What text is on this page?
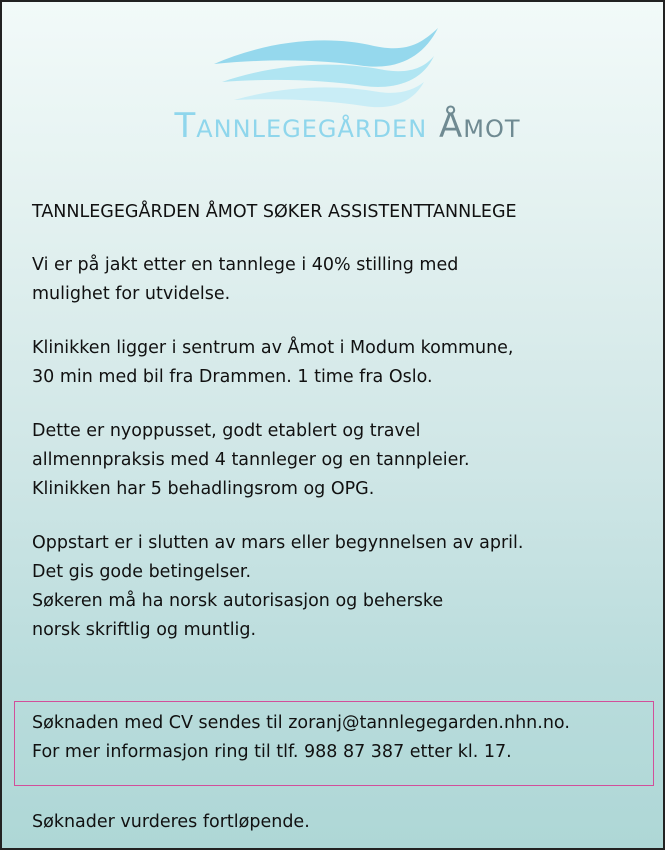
Tannlegegården Åmot
TANNLEGEGÅRDEN ÅMOT SØKER ASSISTENTTANNLEGE

Vi er på jakt etter en tannlege i 40% stilling med
mulighet for utvidelse.

Klinikken ligger i sentrum av Åmot i Modum kommune,
30 min med bil fra Drammen. 1 time fra Oslo.

Dette er nyoppusset, godt etablert og travel
allmennpraksis med 4 tannleger og en tannpleier.
Klinikken har 5 behadlingsrom og OPG.

Oppstart er i slutten av mars eller begynnelsen av april.
Det gis gode betingelser.
Søkeren må ha norsk autorisasjon og beherske
norsk skriftlig og muntlig.

Søknaden med CV sendes til zoranj@tannlegegarden.nhn.no.
For mer informasjon ring til tlf. 988 87 387 etter kl. 17.
Søknader vurderes fortløpende.
